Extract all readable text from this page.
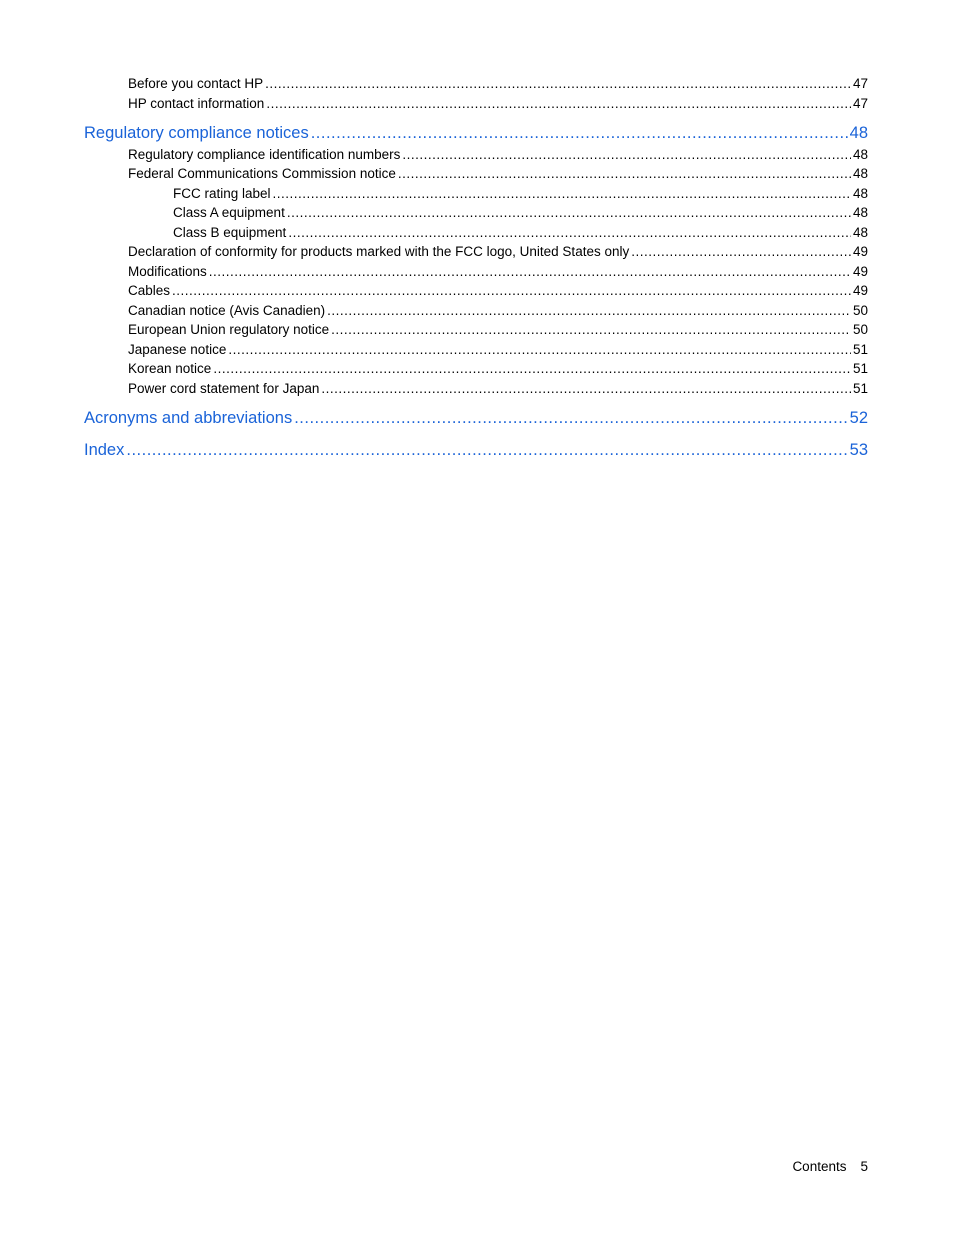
Before you contact HP .....	47
HP contact information .....	47
Regulatory compliance notices .....	48
Regulatory compliance identification numbers .....	48
Federal Communications Commission notice .....	48
FCC rating label .....	48
Class A equipment .....	48
Class B equipment .....	48
Declaration of conformity for products marked with the FCC logo, United States only .....	49
Modifications .....	49
Cables .....	49
Canadian notice (Avis Canadien) .....	50
European Union regulatory notice .....	50
Japanese notice .....	51
Korean notice .....	51
Power cord statement for Japan .....	51
Acronyms and abbreviations .....	52
Index .....	53
Contents 5
